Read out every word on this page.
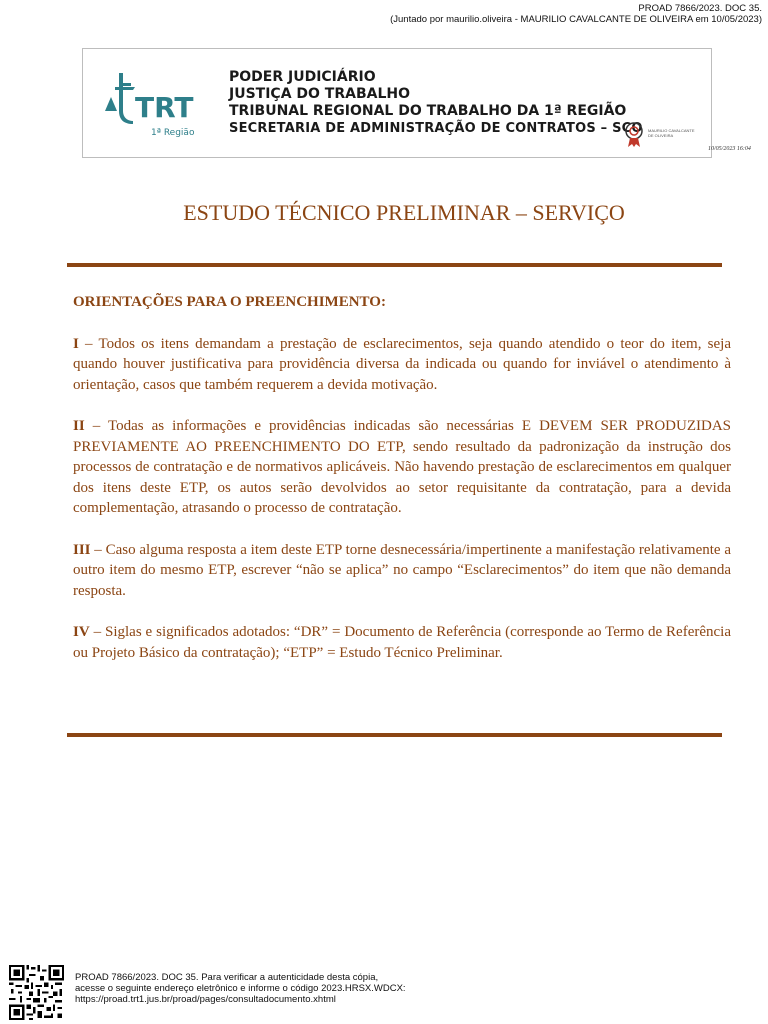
PROAD 7866/2023. DOC 35.
(Juntado por maurilio.oliveira - MAURILIO CAVALCANTE DE OLIVEIRA em 10/05/2023)
TRT
1ª Região
PODER JUDICIÁRIO
JUSTIÇA DO TRABALHO
TRIBUNAL REGIONAL DO TRABALHO DA 1ª REGIÃO
SECRETARIA DE ADMINISTRAÇÃO DE CONTRATOS – SCO MAURILIO CAVALCANTE DE OLIVEIRA
10/05/2023 16:04
ESTUDO TÉCNICO PRELIMINAR – SERVIÇO
ORIENTAÇÕES PARA O PREENCHIMENTO:

I – Todos os itens demandam a prestação de esclarecimentos, seja quando atendido o teor do item, seja quando houver justificativa para providência diversa da indicada ou quando for inviável o atendimento à orientação, casos que também requerem a devida motivação.

II – Todas as informações e providências indicadas são necessárias E DEVEM SER PRODUZIDAS PREVIAMENTE AO PREENCHIMENTO DO ETP, sendo resultado da padronização da instrução dos processos de contratação e de normativos aplicáveis. Não havendo prestação de esclarecimentos em qualquer dos itens deste ETP, os autos serão devolvidos ao setor requisitante da contratação, para a devida complementação, atrasando o processo de contratação.

III – Caso alguma resposta a item deste ETP torne desnecessária/impertinente a manifestação relativamente a outro item do mesmo ETP, escrever “não se aplica” no campo “Esclarecimentos” do item que não demanda resposta.

IV – Siglas e significados adotados: “DR” = Documento de Referência (corresponde ao Termo de Referência ou Projeto Básico da contratação); “ETP” = Estudo Técnico Preliminar.

PROAD 7866/2023. DOC 35. Para verificar a autenticidade desta cópia,
acesse o seguinte endereço eletrônico e informe o código 2023.HRSX.WDCX:
https://proad.trt1.jus.br/proad/pages/consultadocumento.xhtml
